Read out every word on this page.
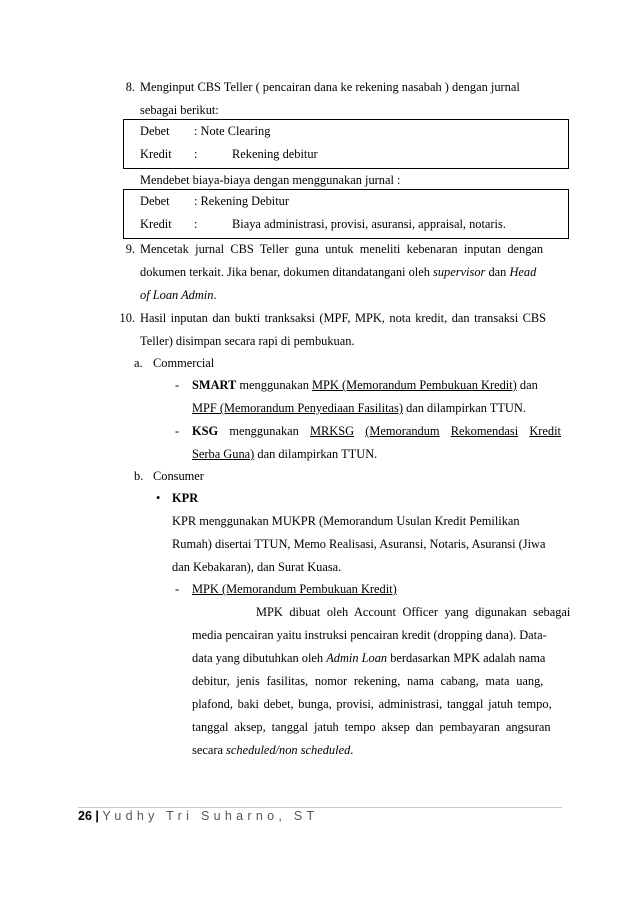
8. Menginput CBS Teller ( pencairan dana ke rekening nasabah ) dengan jurnal
sebagai berikut:
Debet : Note Clearing
Kredit :	Rekening debitur
Mendebet biaya-biaya dengan menggunakan jurnal :
Debet : Rekening Debitur
Kredit :	Biaya administrasi, provisi, asuransi, appraisal, notaris.
9. Mencetak jurnal CBS Teller guna untuk meneliti kebenaran inputan dengan
dokumen terkait. Jika benar, dokumen ditandatangani oleh supervisor dan Head
of Loan Admin.
10. Hasil inputan dan bukti tranksaksi (MPF, MPK, nota kredit, dan transaksi CBS
Teller) disimpan secara rapi di pembukuan.
a. Commercial
- SMART menggunakan MPK (Memorandum Pembukuan Kredit) dan
MPF (Memorandum Penyediaan Fasilitas) dan dilampirkan TTUN.
- KSG menggunakan MRKSG (Memorandum Rekomendasi Kredit
Serba Guna) dan dilampirkan TTUN.
b. Consumer
• KPR
KPR menggunakan MUKPR (Memorandum Usulan Kredit Pemilikan
Rumah) disertai TTUN, Memo Realisasi, Asuransi, Notaris, Asuransi (Jiwa
dan Kebakaran), dan Surat Kuasa.
- MPK (Memorandum Pembukuan Kredit)
MPK dibuat oleh Account Officer yang digunakan sebagai
media pencairan yaitu instruksi pencairan kredit (dropping dana). Data-
data yang dibutuhkan oleh Admin Loan berdasarkan MPK adalah nama
debitur, jenis fasilitas, nomor rekening, nama cabang, mata uang,
plafond, baki debet, bunga, provisi, administrasi, tanggal jatuh tempo,
tanggal aksep, tanggal jatuh tempo aksep dan pembayaran angsuran
secara scheduled/non scheduled.
26 | Yudhy Tri Suharno, ST
